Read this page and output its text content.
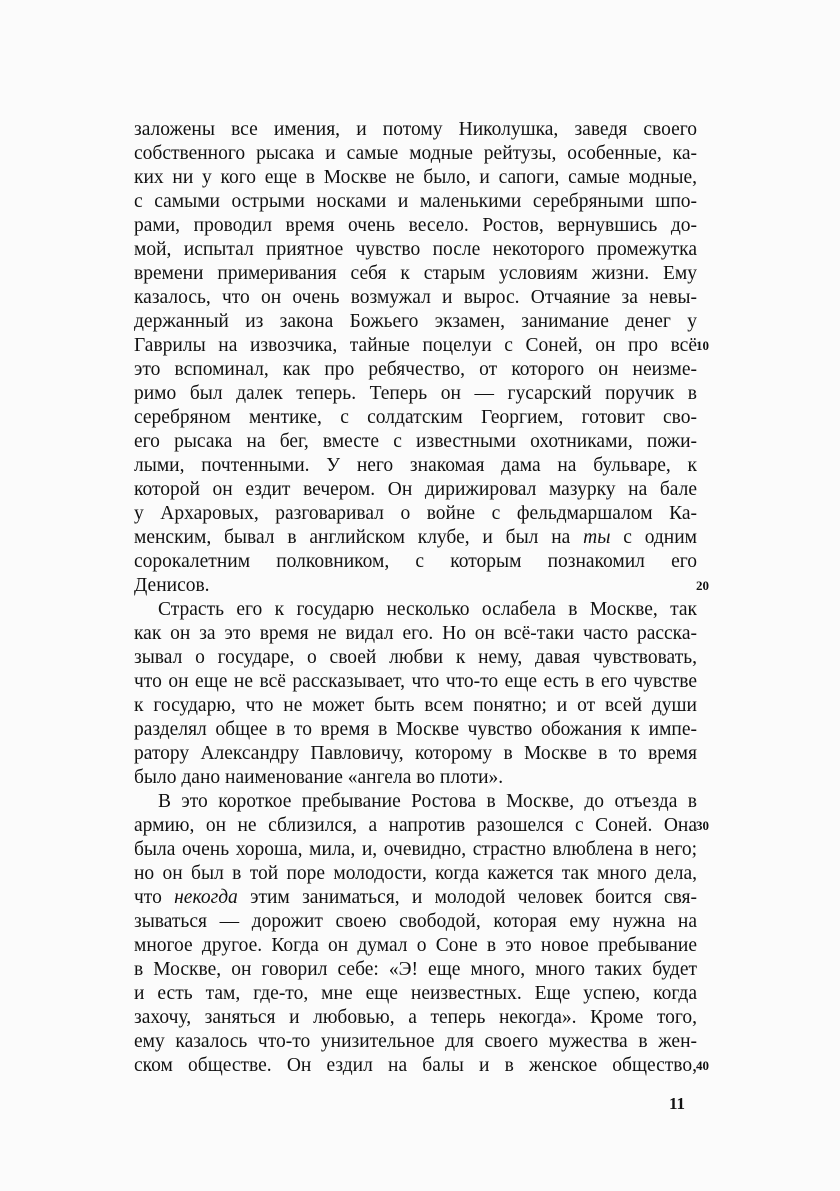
заложены все имения, и потому Николушка, заведя своего
собственного рысака и самые модные рейтузы, особенные, ка-
ких ни у кого еще в Москве не было, и сапоги, самые модные,
с самыми острыми носками и маленькими серебряными шпо-
рами, проводил время очень весело. Ростов, вернувшись до-
мой, испытал приятное чувство после некоторого промежутка
времени примеривания себя к старым условиям жизни. Ему
казалось, что он очень возмужал и вырос. Отчаяние за невы-
держанный из закона Божьего экзамен, занимание денег у
Гаврилы на извозчика, тайные поцелуи с Соней, он про всё 10
это вспоминал, как про ребячество, от которого он неизме-
римо был далек теперь. Теперь он — гусарский поручик в
серебряном ментике, с солдатским Георгием, готовит сво-
его рысака на бег, вместе с известными охотниками, пожи-
лыми, почтенными. У него знакомая дама на бульваре, к
которой он ездит вечером. Он дирижировал мазурку на бале
у Архаровых, разговаривал о войне с фельдмаршалом Ка-
менским, бывал в английском клубе, и был на ты с одним
сорокалетним полковником, с которым познакомил его
Денисов.	20
Страсть его к государю несколько ослабела в Москве, так
как он за это время не видал его. Но он всё-таки часто расска-
зывал о государе, о своей любви к нему, давая чувствовать,
что он еще не всё рассказывает, что что-то еще есть в его чувстве
к государю, что не может быть всем понятно; и от всей души
разделял общее в то время в Москве чувство обожания к импе-
ратору Александру Павловичу, которому в Москве в то время
было дано наименование «ангела во плоти».
В это короткое пребывание Ростова в Москве, до отъезда в
армию, он не сблизился, а напротив разошелся с Соней. Она 30
была очень хороша, мила, и, очевидно, страстно влюблена в него;
но он был в той поре молодости, когда кажется так много дела,
что некогда этим заниматься, и молодой человек боится свя-
зываться — дорожит своею свободой, которая ему нужна на
многое другое. Когда он думал о Соне в это новое пребывание
в Москве, он говорил себе: «Э! еще много, много таких будет
и есть там, где-то, мне еще неизвестных. Еще успею, когда
захочу, заняться и любовью, а теперь некогда». Кроме того,
ему казалось что-то унизительное для своего мужества в жен-
ском обществе. Он ездил на балы и в женское общество, 40
11
